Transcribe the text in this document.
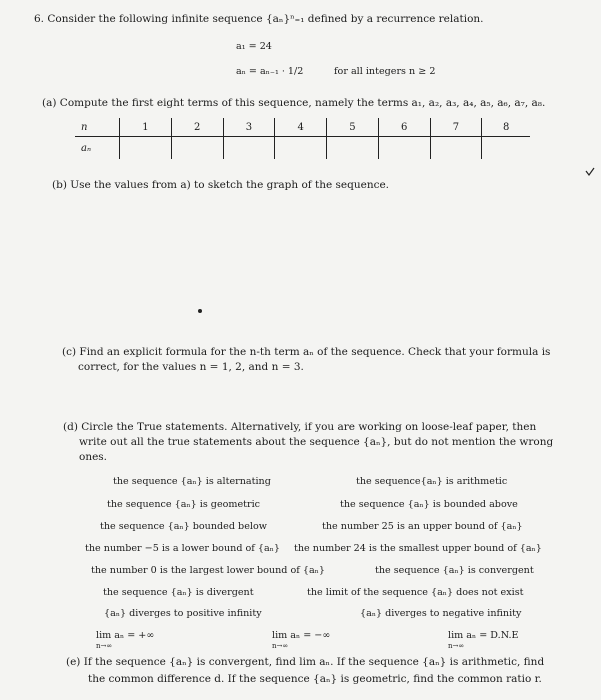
6. Consider the following infinite sequence {aₙ}ⁿ₌₁ defined by a recurrence relation.
a₁ = 24
aₙ = aₙ₋₁ · 1/2	for all integers n ≥ 2
(a) Compute the first eight terms of this sequence, namely the terms a₁, a₂, a₃, a₄, a₅, a₆, a₇, a₈.
n	1	2	3	4	5	6	7	8
aₙ								
(b) Use the values from a) to sketch the graph of the sequence.
(c) Find an explicit formula for the n-th term aₙ of the sequence. Check that your formula is
correct, for the values n = 1, 2, and n = 3.
(d) Circle the True statements. Alternatively, if you are working on loose-leaf paper, then
write out all the true statements about the sequence {aₙ}, but do not mention the wrong
ones.
the sequence {aₙ} is alternating
the sequence {aₙ} is geometric
the sequence {aₙ} bounded below
the number −5 is a lower bound of {aₙ}
the number 0 is the largest lower bound of {aₙ}
the sequence {aₙ} is divergent
{aₙ} diverges to positive infinity
the sequence{aₙ} is arithmetic
the sequence {aₙ} is bounded above
the number 25 is an upper bound of {aₙ}
the number 24 is the smallest upper bound of {aₙ}
the sequence {aₙ} is convergent
the limit of the sequence {aₙ} does not exist
{aₙ} diverges to negative infinity
lim aₙ = +∞
n→∞
lim aₙ = −∞
n→∞
lim aₙ = D.N.E
n→∞
(e) If the sequence {aₙ} is convergent, find lim aₙ. If the sequence {aₙ} is arithmetic, find
the common difference d. If the sequence {aₙ} is geometric, find the common ratio r.
